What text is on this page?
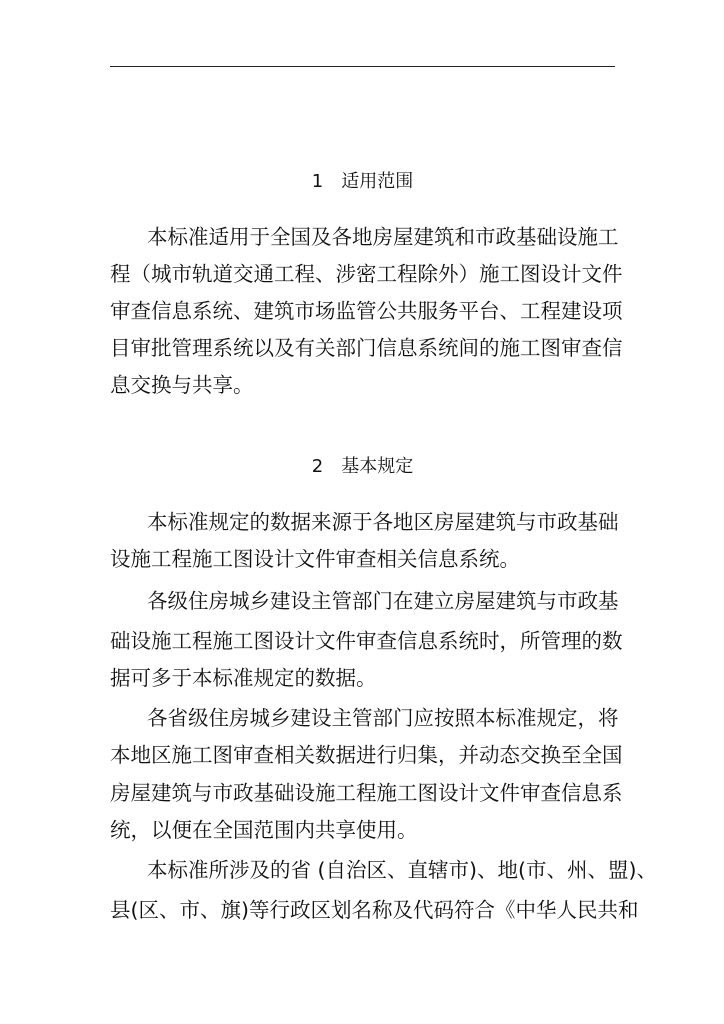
1　适用范围
本标准适用于全国及各地房屋建筑和市政基础设施工
程（城市轨道交通工程、涉密工程除外）施工图设计文件
审查信息系统、建筑市场监管公共服务平台、工程建设项
目审批管理系统以及有关部门信息系统间的施工图审查信
息交换与共享。
2　基本规定
本标准规定的数据来源于各地区房屋建筑与市政基础
设施工程施工图设计文件审查相关信息系统。
各级住房城乡建设主管部门在建立房屋建筑与市政基
础设施工程施工图设计文件审查信息系统时，所管理的数
据可多于本标准规定的数据。
各省级住房城乡建设主管部门应按照本标准规定，将
本地区施工图审查相关数据进行归集，并动态交换至全国
房屋建筑与市政基础设施工程施工图设计文件审查信息系
统，以便在全国范围内共享使用。
本标准所涉及的省 (自治区、直辖市)、地(市、州、盟)、
县(区、市、旗)等行政区划名称及代码符合《中华人民共和
